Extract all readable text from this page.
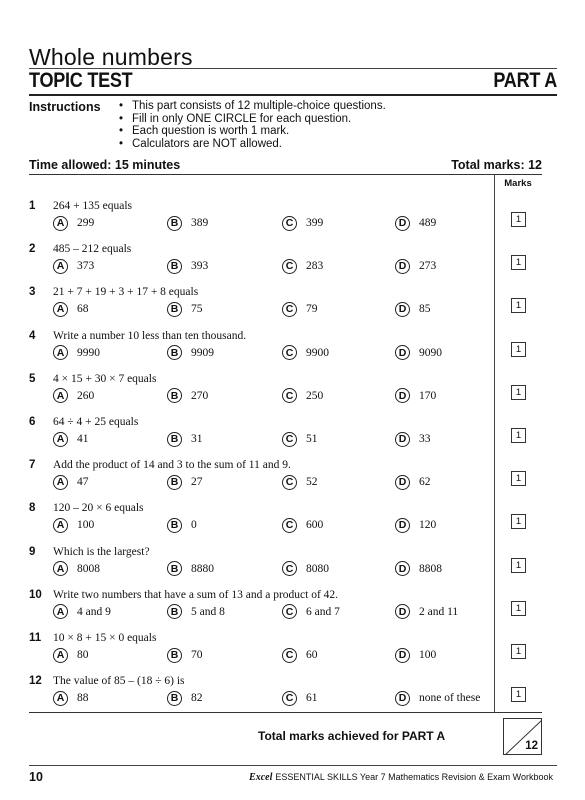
Whole numbers
TOPIC TEST	PART A
Instructions
•	This part consists of 12 multiple-choice questions.
• Fill in only ONE CIRCLE for each question.
• Each question is worth 1 mark.
• Calculators are NOT allowed.
Time allowed: 15 minutes	Total marks: 12
Marks
1 264 + 135 equals
A	299	B	389	C	399	D	489	1
2 485 – 212 equals
A	373	B	393	C	283	D	273	1
3 21 + 7 + 19 + 3 + 17 + 8 equals
A	68	B	75	C	79	D	85	1
4 Write a number 10 less than ten thousand.
A	9990	B	9909	C	9900	D	9090	1
5 4 × 15 + 30 × 7 equals
A	260	B	270	C	250	D	170	1
6 64 ÷ 4 + 25 equals
A	41	B	31	C	51	D	33	1
7 Add the product of 14 and 3 to the sum of 11 and 9.
A	47	B	27	C	52	D	62	1
8 120 – 20 × 6 equals
A	100	B	0	C	600	D	120	1
9 Which is the largest?
A	8008	B	8880	C	8080	D	8808	1
10 Write two numbers that have a sum of 13 and a product of 42.
A	4 and 9	B	5 and 8	C	6 and 7	D	2 and 11	1
11 10 × 8 + 15 × 0 equals
A	80	B	70	C	60	D	100	1
12 The value of 85 – (18 ÷ 6) is
A	88	B	82	C	61	D	none of these	1
Total marks achieved for PART A
12
10	Excel ESSENTIAL SKILLS Year 7 Mathematics Revision & Exam Workbook
